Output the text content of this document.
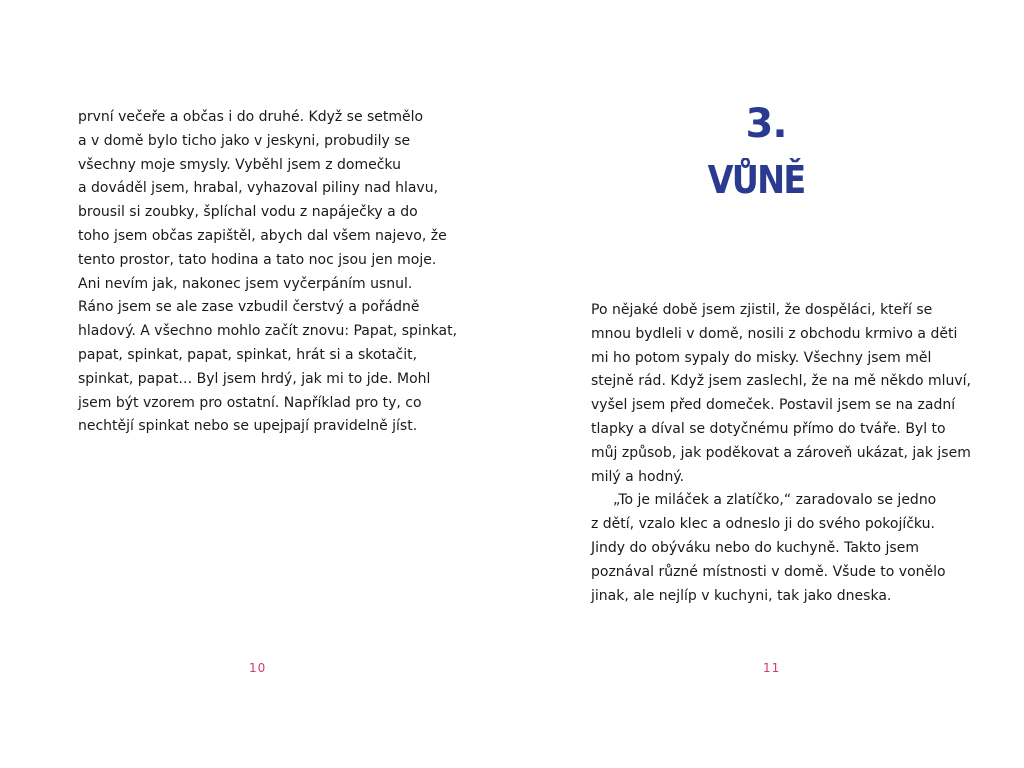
první večeře a občas i do druhé. Když se setmělo
a v domě bylo ticho jako v jeskyni, probudily se
všechny moje smysly. Vyběhl jsem z domečku
a dováděl jsem, hrabal, vyhazoval piliny nad hlavu,
brousil si zoubky, šplíchal vodu z napáječky a do
toho jsem občas zapištěl, abych dal všem najevo, že
tento prostor, tato hodina a tato noc jsou jen moje.
Ani nevím jak, nakonec jsem vyčerpáním usnul.
Ráno jsem se ale zase vzbudil čerstvý a pořádně
hladový. A všechno mohlo začít znovu: Papat, spinkat,
papat, spinkat, papat, spinkat, hrát si a skotačit,
spinkat, papat… Byl jsem hrdý, jak mi to jde. Mohl
jsem být vzorem pro ostatní. Například pro ty, co
nechtějí spinkat nebo se upejpají pravidelně jíst.
10
3.
VŮNĚ
Po nějaké době jsem zjistil, že dospěláci, kteří se
mnou bydleli v domě, nosili z obchodu krmivo a děti
mi ho potom sypaly do misky. Všechny jsem měl
stejně rád. Když jsem zaslechl, že na mě někdo mluví,
vyšel jsem před domeček. Postavil jsem se na zadní
tlapky a díval se dotyčnému přímo do tváře. Byl to
můj způsob, jak poděkovat a zároveň ukázat, jak jsem
milý a hodný.
„To je miláček a zlatíčko,“ zaradovalo se jedno
z dětí, vzalo klec a odneslo ji do svého pokojíčku.
Jindy do obýváku nebo do kuchyně. Takto jsem
poznával různé místnosti v domě. Všude to vonělo
jinak, ale nejlíp v kuchyni, tak jako dneska.
11
